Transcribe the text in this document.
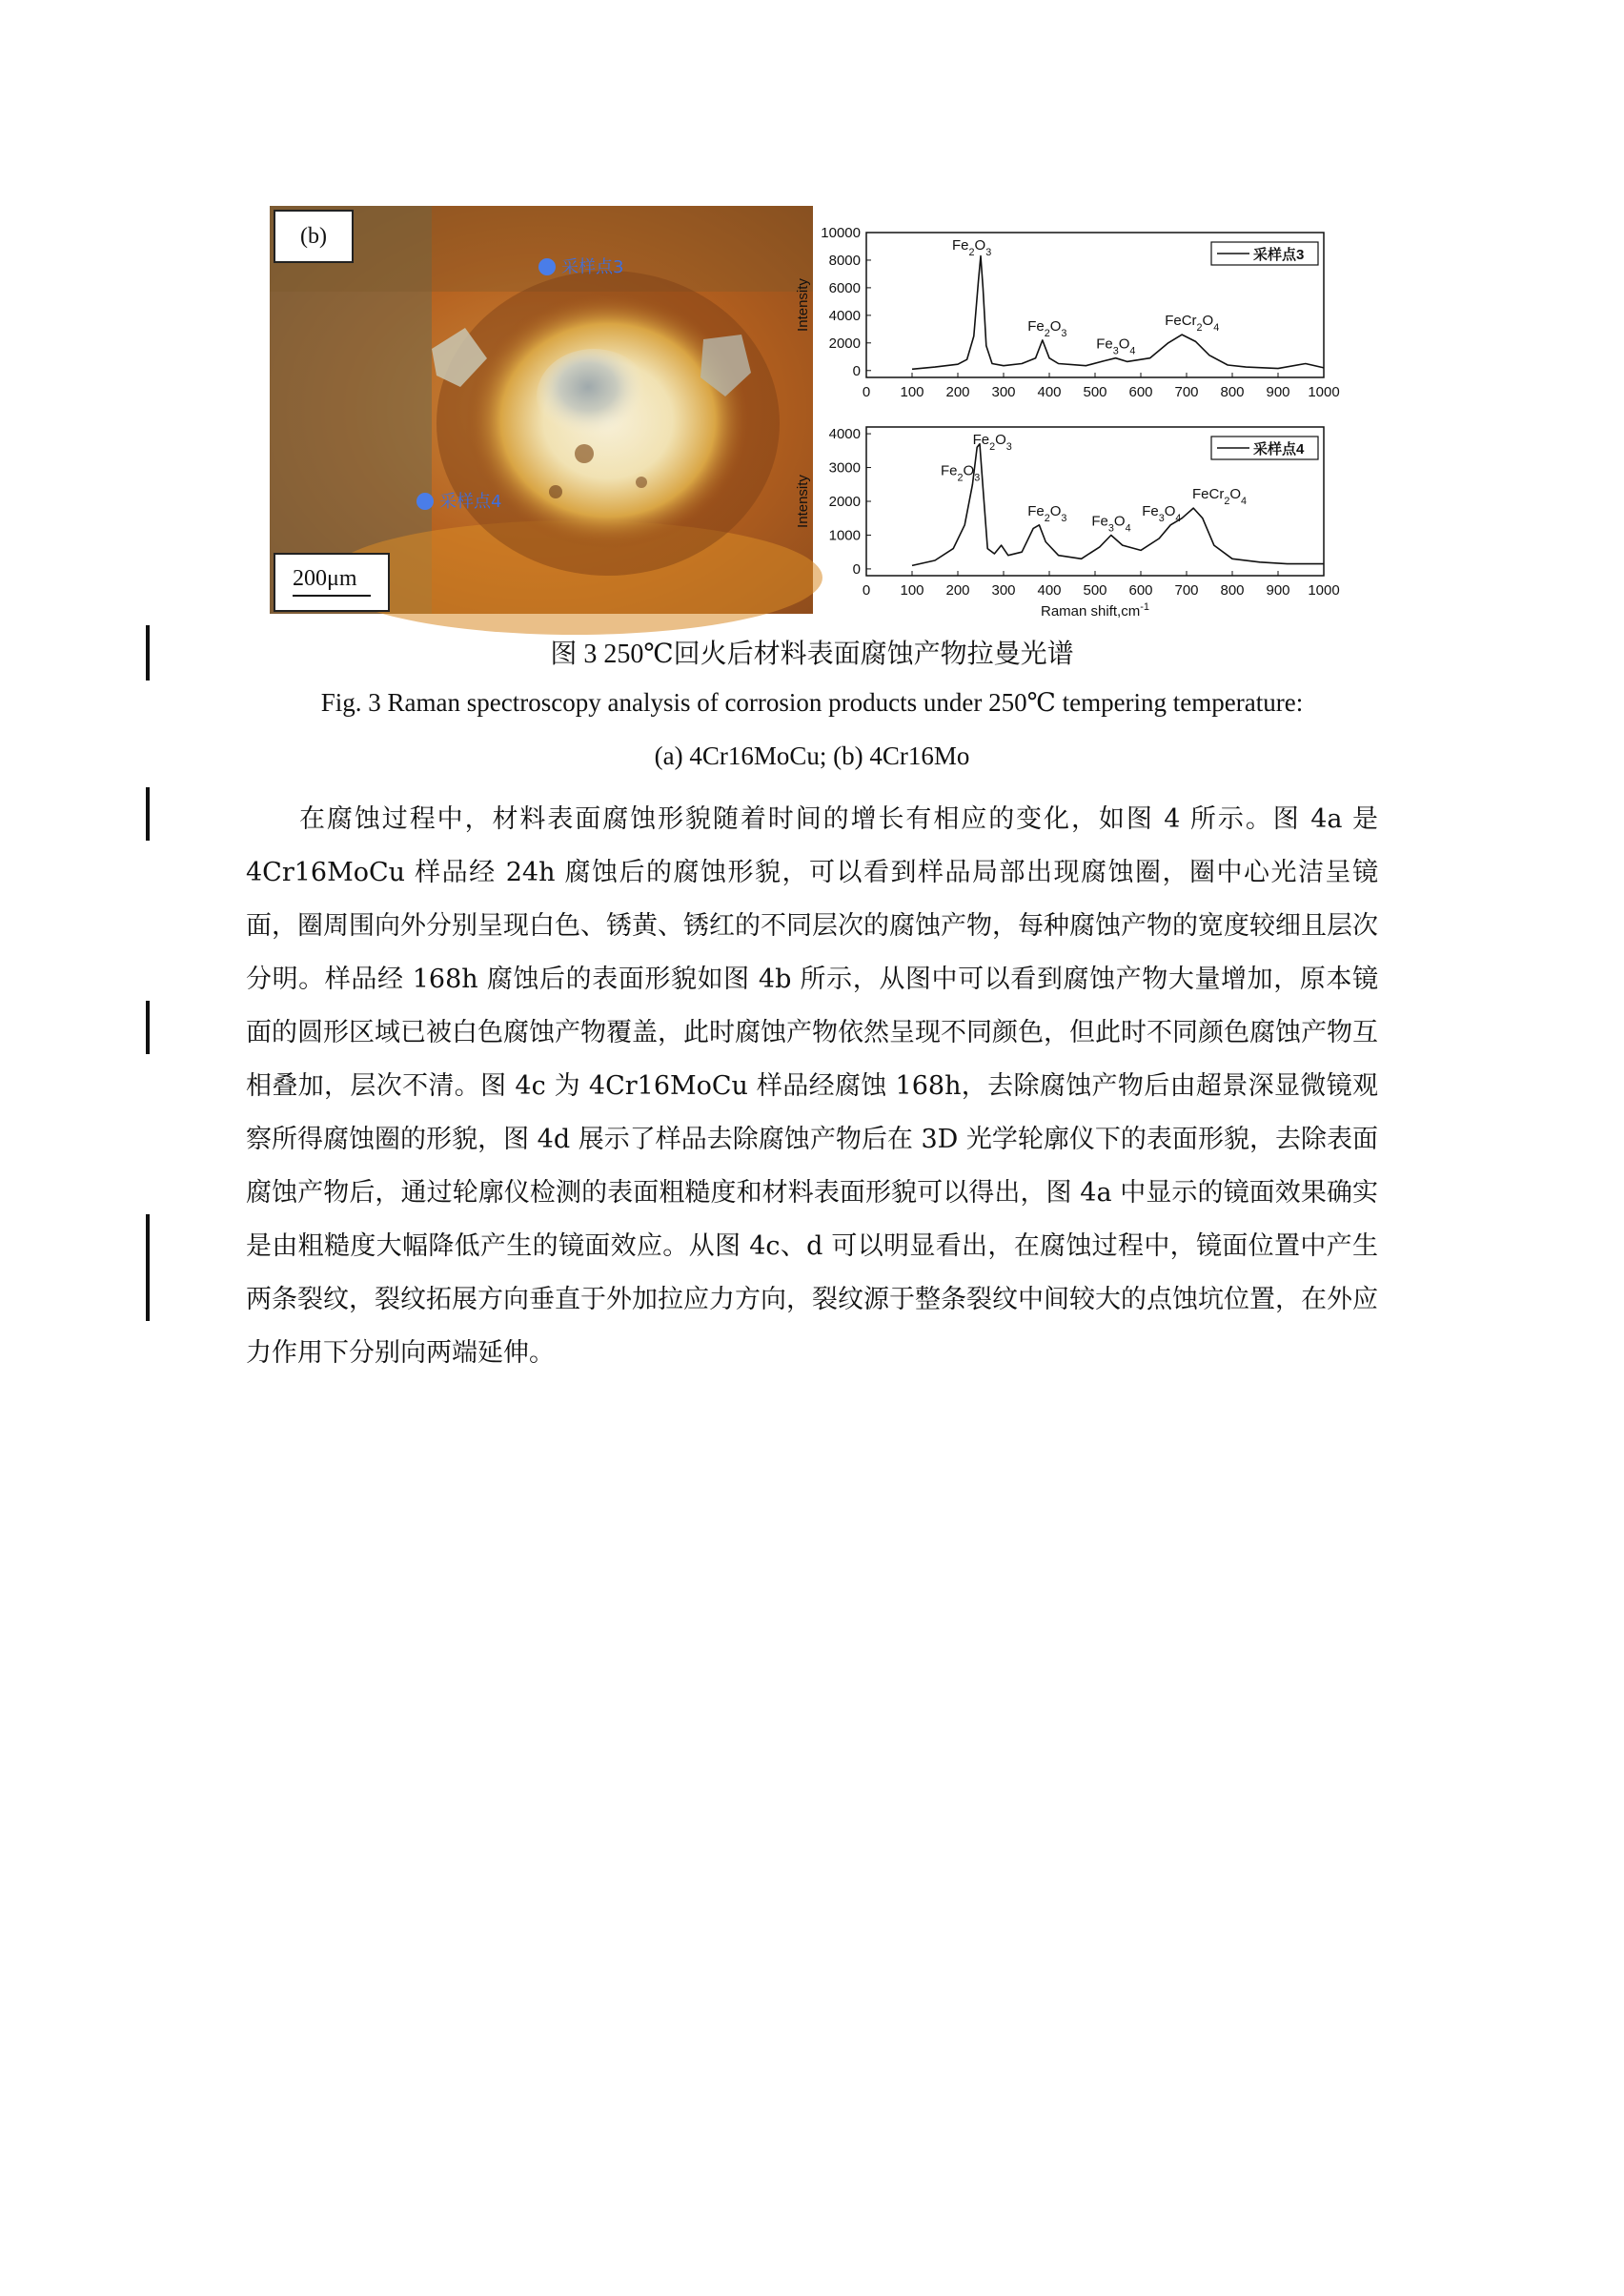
(b)
200μm
采样点3
采样点4
0
2000
4000
6000
8000
10000
0 100 200 300 400 500 600 700 800 900 1000
Intensity
采样点3
$Fe_2O_3$
$Fe_2O_3$
$Fe_3O_4$
$FeCr_2O_4$
0
1000
2000
3000
4000
0 100 200 300 400 500 600 700 800 900 1000
Intensity
Raman $shift,cm^{-1}$
采样点4
$Fe_2O_3$
$Fe_2O_3$
$Fe_2O_3$ $Fe_3O_4$
$Fe_3O_4$
$FeCr_2O_4$
图 3 250℃回火后材料表面腐蚀产物拉曼光谱
Fig. 3 Raman spectroscopy analysis of corrosion products under 250℃ tempering temperature:
(a) 4Cr16MoCu; (b) 4Cr16Mo
在腐蚀过程中，材料表面腐蚀形貌随着时间的增长有相应的变化，如图 4 所示。图 4a 是 4Cr16MoCu 样品经 24h 腐蚀后的腐蚀形貌，可以看到样品局部出现腐蚀圈，圈中心光洁呈镜面，圈周围向外分别呈现白色、锈黄、锈红的不同层次的腐蚀产物，每种腐蚀产物的宽度较细且层次分明。样品经 168h 腐蚀后的表面形貌如图 4b 所示，从图中可以看到腐蚀产物大量增加，原本镜面的圆形区域已被白色腐蚀产物覆盖，此时腐蚀产物依然呈现不同颜色，但此时不同颜色腐蚀产物互相叠加，层次不清。图 4c 为 4Cr16MoCu 样品经腐蚀 168h，去除腐蚀产物后由超景深显微镜观察所得腐蚀圈的形貌，图 4d 展示了样品去除腐蚀产物后在 3D 光学轮廓仪下的表面形貌，去除表面腐蚀产物后，通过轮廓仪检测的表面粗糙度和材料表面形貌可以得出，图 4a 中显示的镜面效果确实是由粗糙度大幅降低产生的镜面效应。从图 4c、d 可以明显看出，在腐蚀过程中，镜面位置中产生两条裂纹，裂纹拓展方向垂直于外加拉应力方向，裂纹源于整条裂纹中间较大的点蚀坑位置，在外应力作用下分别向两端延伸。
